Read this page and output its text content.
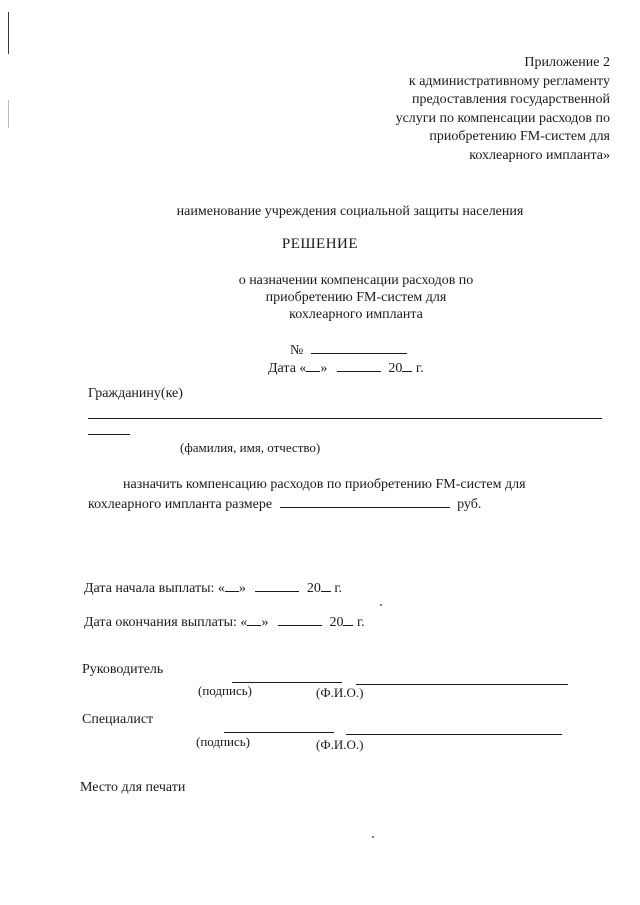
Приложение 2
к административному регламенту
предоставления государственной
услуги по компенсации расходов по
приобретению FM-систем для
кохлеарного импланта»
наименование учреждения социальной защиты населения
РЕШЕНИЕ
о назначении компенсации расходов по
приобретению FM-систем для
кохлеарного импланта
№
Дата « »	20 г.
Гражданину(ке)
(фамилия, имя, отчество)
назначить компенсацию расходов по приобретению FM-систем для
кохлеарного импланта размере	руб.
Дата начала выплаты: « »	20 г.
Дата окончания выплаты: « »	20 г.
Руководитель
(подпись)	(Ф.И.О.)
Специалист
(подпись)	(Ф.И.О.)
Место для печати
